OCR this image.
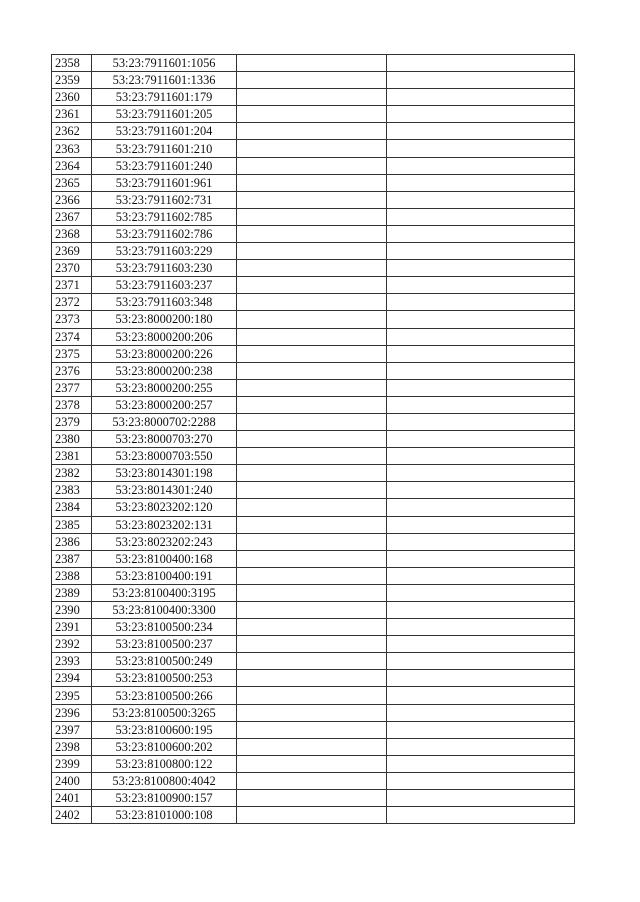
2358	53:23:7911601:1056		
2359	53:23:7911601:1336		
2360	53:23:7911601:179		
2361	53:23:7911601:205		
2362	53:23:7911601:204		
2363	53:23:7911601:210		
2364	53:23:7911601:240		
2365	53:23:7911601:961		
2366	53:23:7911602:731		
2367	53:23:7911602:785		
2368	53:23:7911602:786		
2369	53:23:7911603:229		
2370	53:23:7911603:230		
2371	53:23:7911603:237		
2372	53:23:7911603:348		
2373	53:23:8000200:180		
2374	53:23:8000200:206		
2375	53:23:8000200:226		
2376	53:23:8000200:238		
2377	53:23:8000200:255		
2378	53:23:8000200:257		
2379	53:23:8000702:2288		
2380	53:23:8000703:270		
2381	53:23:8000703:550		
2382	53:23:8014301:198		
2383	53:23:8014301:240		
2384	53:23:8023202:120		
2385	53:23:8023202:131		
2386	53:23:8023202:243		
2387	53:23:8100400:168		
2388	53:23:8100400:191		
2389	53:23:8100400:3195		
2390	53:23:8100400:3300		
2391	53:23:8100500:234		
2392	53:23:8100500:237		
2393	53:23:8100500:249		
2394	53:23:8100500:253		
2395	53:23:8100500:266		
2396	53:23:8100500:3265		
2397	53:23:8100600:195		
2398	53:23:8100600:202		
2399	53:23:8100800:122		
2400	53:23:8100800:4042		
2401	53:23:8100900:157		
2402	53:23:8101000:108		
